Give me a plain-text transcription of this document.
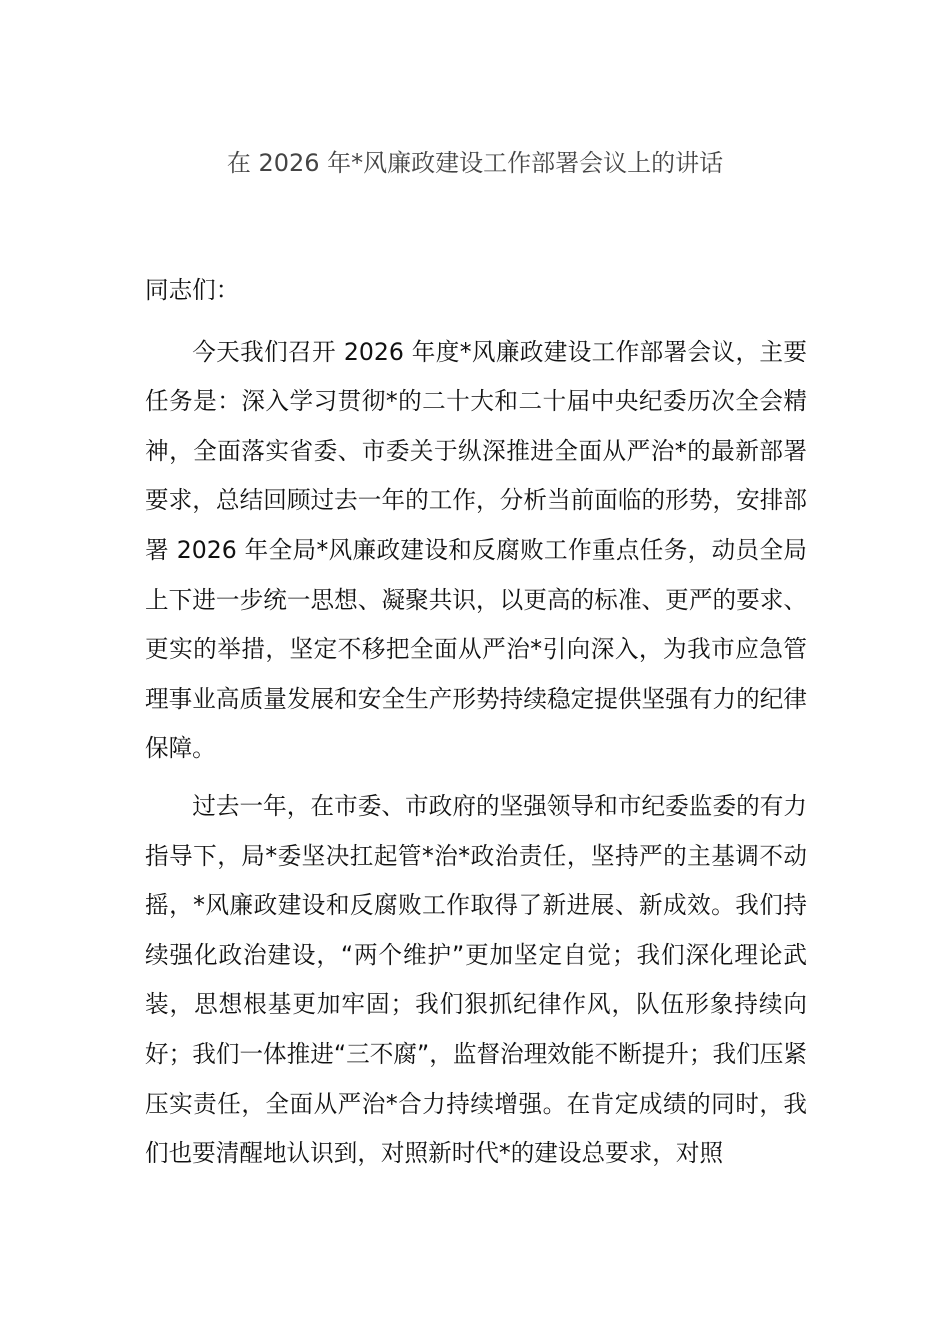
在 2026 年*风廉政建设工作部署会议上的讲话

同志们：

今天我们召开 2026 年度*风廉政建设工作部署会议，主要任务是：深入学习贯彻*的二十大和二十届中央纪委历次全会精神，全面落实省委、市委关于纵深推进全面从严治*的最新部署要求，总结回顾过去一年的工作，分析当前面临的形势，安排部署 2026 年全局*风廉政建设和反腐败工作重点任务，动员全局上下进一步统一思想、凝聚共识，以更高的标准、更严的要求、更实的举措，坚定不移把全面从严治*引向深入，为我市应急管理事业高质量发展和安全生产形势持续稳定提供坚强有力的纪律保障。

过去一年，在市委、市政府的坚强领导和市纪委监委的有力指导下，局*委坚决扛起管*治*政治责任，坚持严的主基调不动摇，*风廉政建设和反腐败工作取得了新进展、新成效。我们持续强化政治建设，“两个维护”更加坚定自觉；我们深化理论武装，思想根基更加牢固；我们狠抓纪律作风，队伍形象持续向好；我们一体推进“三不腐”，监督治理效能不断提升；我们压紧压实责任，全面从严治*合力持续增强。在肯定成绩的同时，我们也要清醒地认识到，对照新时代*的建设总要求，对照
